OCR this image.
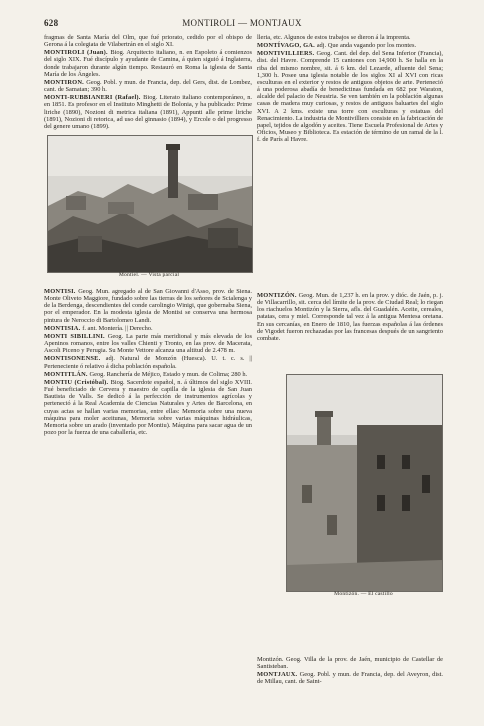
628	MONTIROLI — MONTJAUX

fragmas de Santa María del Olm, que fué priorato, cedido por el obispo de Gerona á la colegiata de Vilabertrán en el siglo XI.

MONTIROLI (Juan). Biog. Arquitecto italiano, n. en Espoleto á comienzos del siglo XIX. Fué discípulo y ayudante de Camina, á quien siguió á Inglaterra, donde trabajaron durante algún tiempo. Restauró en Roma la iglesia de Santa María de los Ángeles.

MONTIRON. Geog. Pobl. y mun. de Francia, dep. del Gers, dist. de Lombez, cant. de Samatan; 390 h.

MONTI-RUBBIANERI (Rafael). Biog. Literato italiano contemporáneo, n. en 1851. Es profesor en el Instituto Minghetti de Bolonia, y ha publicado: Prime liriche (1890), Nozioni di metrica italiana (1891), Appunti alle prime liriche (1891), Nozioni di retorica, ad uso del ginnasio (1894), y Ercole o del progresso del genere umano (1899).

Montiel. — Vista parcial

MONTISI. Geog. Mun. agregado al de San Giovanni d'Asso, prov. de Siena. Monte Oliveto Maggiore, fundado sobre las tierras de los señores de Scialenga y de la Berdenga, descendientes del conde carolingio Winigi, que gobernaba Siena, por el emperador. En la modesta iglesia de Montisi se conserva una hermosa pintura de Neroccio di Bartolomeo Landi.

MONTISIA. f. ant. Montería. || Derecho.

MONTI SIBILLINI. Geog. La parte más meridional y más elevada de los Apeninos romanos, entre los valles Chienti y Tronto, en las prov. de Macerata, Ascoli Piceno y Perugia. Su Monte Vettore alcanza una altitud de 2.478 m.

MONTISONENSE. adj. Natural de Monzón (Huesca). U. t. c. s. || Perteneciente ó relativo á dicha población española.

MONTITLÁN. Geog. Ranchería de Méjico, Estado y mun. de Colima; 280 h.

MONTIU (Cristóbal). Biog. Sacerdote español, n. á últimos del siglo XVIII. Fué beneficiado de Cervera y maestro de capilla de la iglesia de San Juan Bautista de Valls. Se dedicó á la perfección de instrumentos agrícolas y perteneció á la Real Academia de Ciencias Naturales y Artes de Barcelona, en cuyas actas se hallan varias memorias, entre ellas: Memoria sobre una nueva máquina para moler aceitunas, Memoria sobre varias máquinas hidráulicas, Memoria sobre un arado (inventado por Montiu). Máquina para sacar agua de un pozo por la fuerza de una caballería, etc.

lleria, etc. Algunos de estos trabajos se dieron á la imprenta.

MONTÍVAGO, GA. adj. Que anda vagando por los montes.

MONTIVILLIERS. Geog. Cant. del dep. del Sena Inferior (Francia), dist. del Havre. Comprende 15 cantones con 14,900 h. Se halla en la riba del mismo nombre, sit. á 6 km. del Lezarde, afluente del Sena; 1,300 h. Posee una iglesia notable de los siglos XI al XVI con ricas esculturas en el exterior y restos de antiguos objetos de arte. Perteneció á una poderosa abadía de benedictinas fundada en 682 por Waraton, alcalde del palacio de Neustria. Se ven también en la población algunas casas de madera muy curiosas, y restos de antiguos baluartes del siglo XVI. A 2 kms. existe una torre con esculturas y estatuas del Renacimiento. La industria de Montivilliers consiste en la fabricación de papel, tejidos de algodón y aceites. Tiene Escuela Profesional de Artes y Oficios, Museo y Biblioteca. Es estación de término de un ramal de la l. f. de París al Havre.

MONTIZÓN. Geog. Mun. de 1,237 h. en la prov. y dióc. de Jaén, p. j. de Villacarrillo, sit. cerca del límite de la prov. de Ciudad Real; lo riegan los riachuelos Montizón y la Sierra, afls. del Guadalén. Aceite, cereales, patatas, cera y miel. Corresponde tal vez á la antigua Mentesa oretana. En sus cercanías, en Enero de 1810, las fuerzas españolas á las órdenes de Vigodet fueron rechazadas por las francesas después de un sangriento combate.

Montizón. — El castillo

Montizón. Geog. Villa de la prov. de Jaén, municipio de Castellar de Santisteban.

MONTJAUX. Geog. Pobl. y mun. de Francia, dep. del Aveyron, dist. de Millau, cant. de Saint-
